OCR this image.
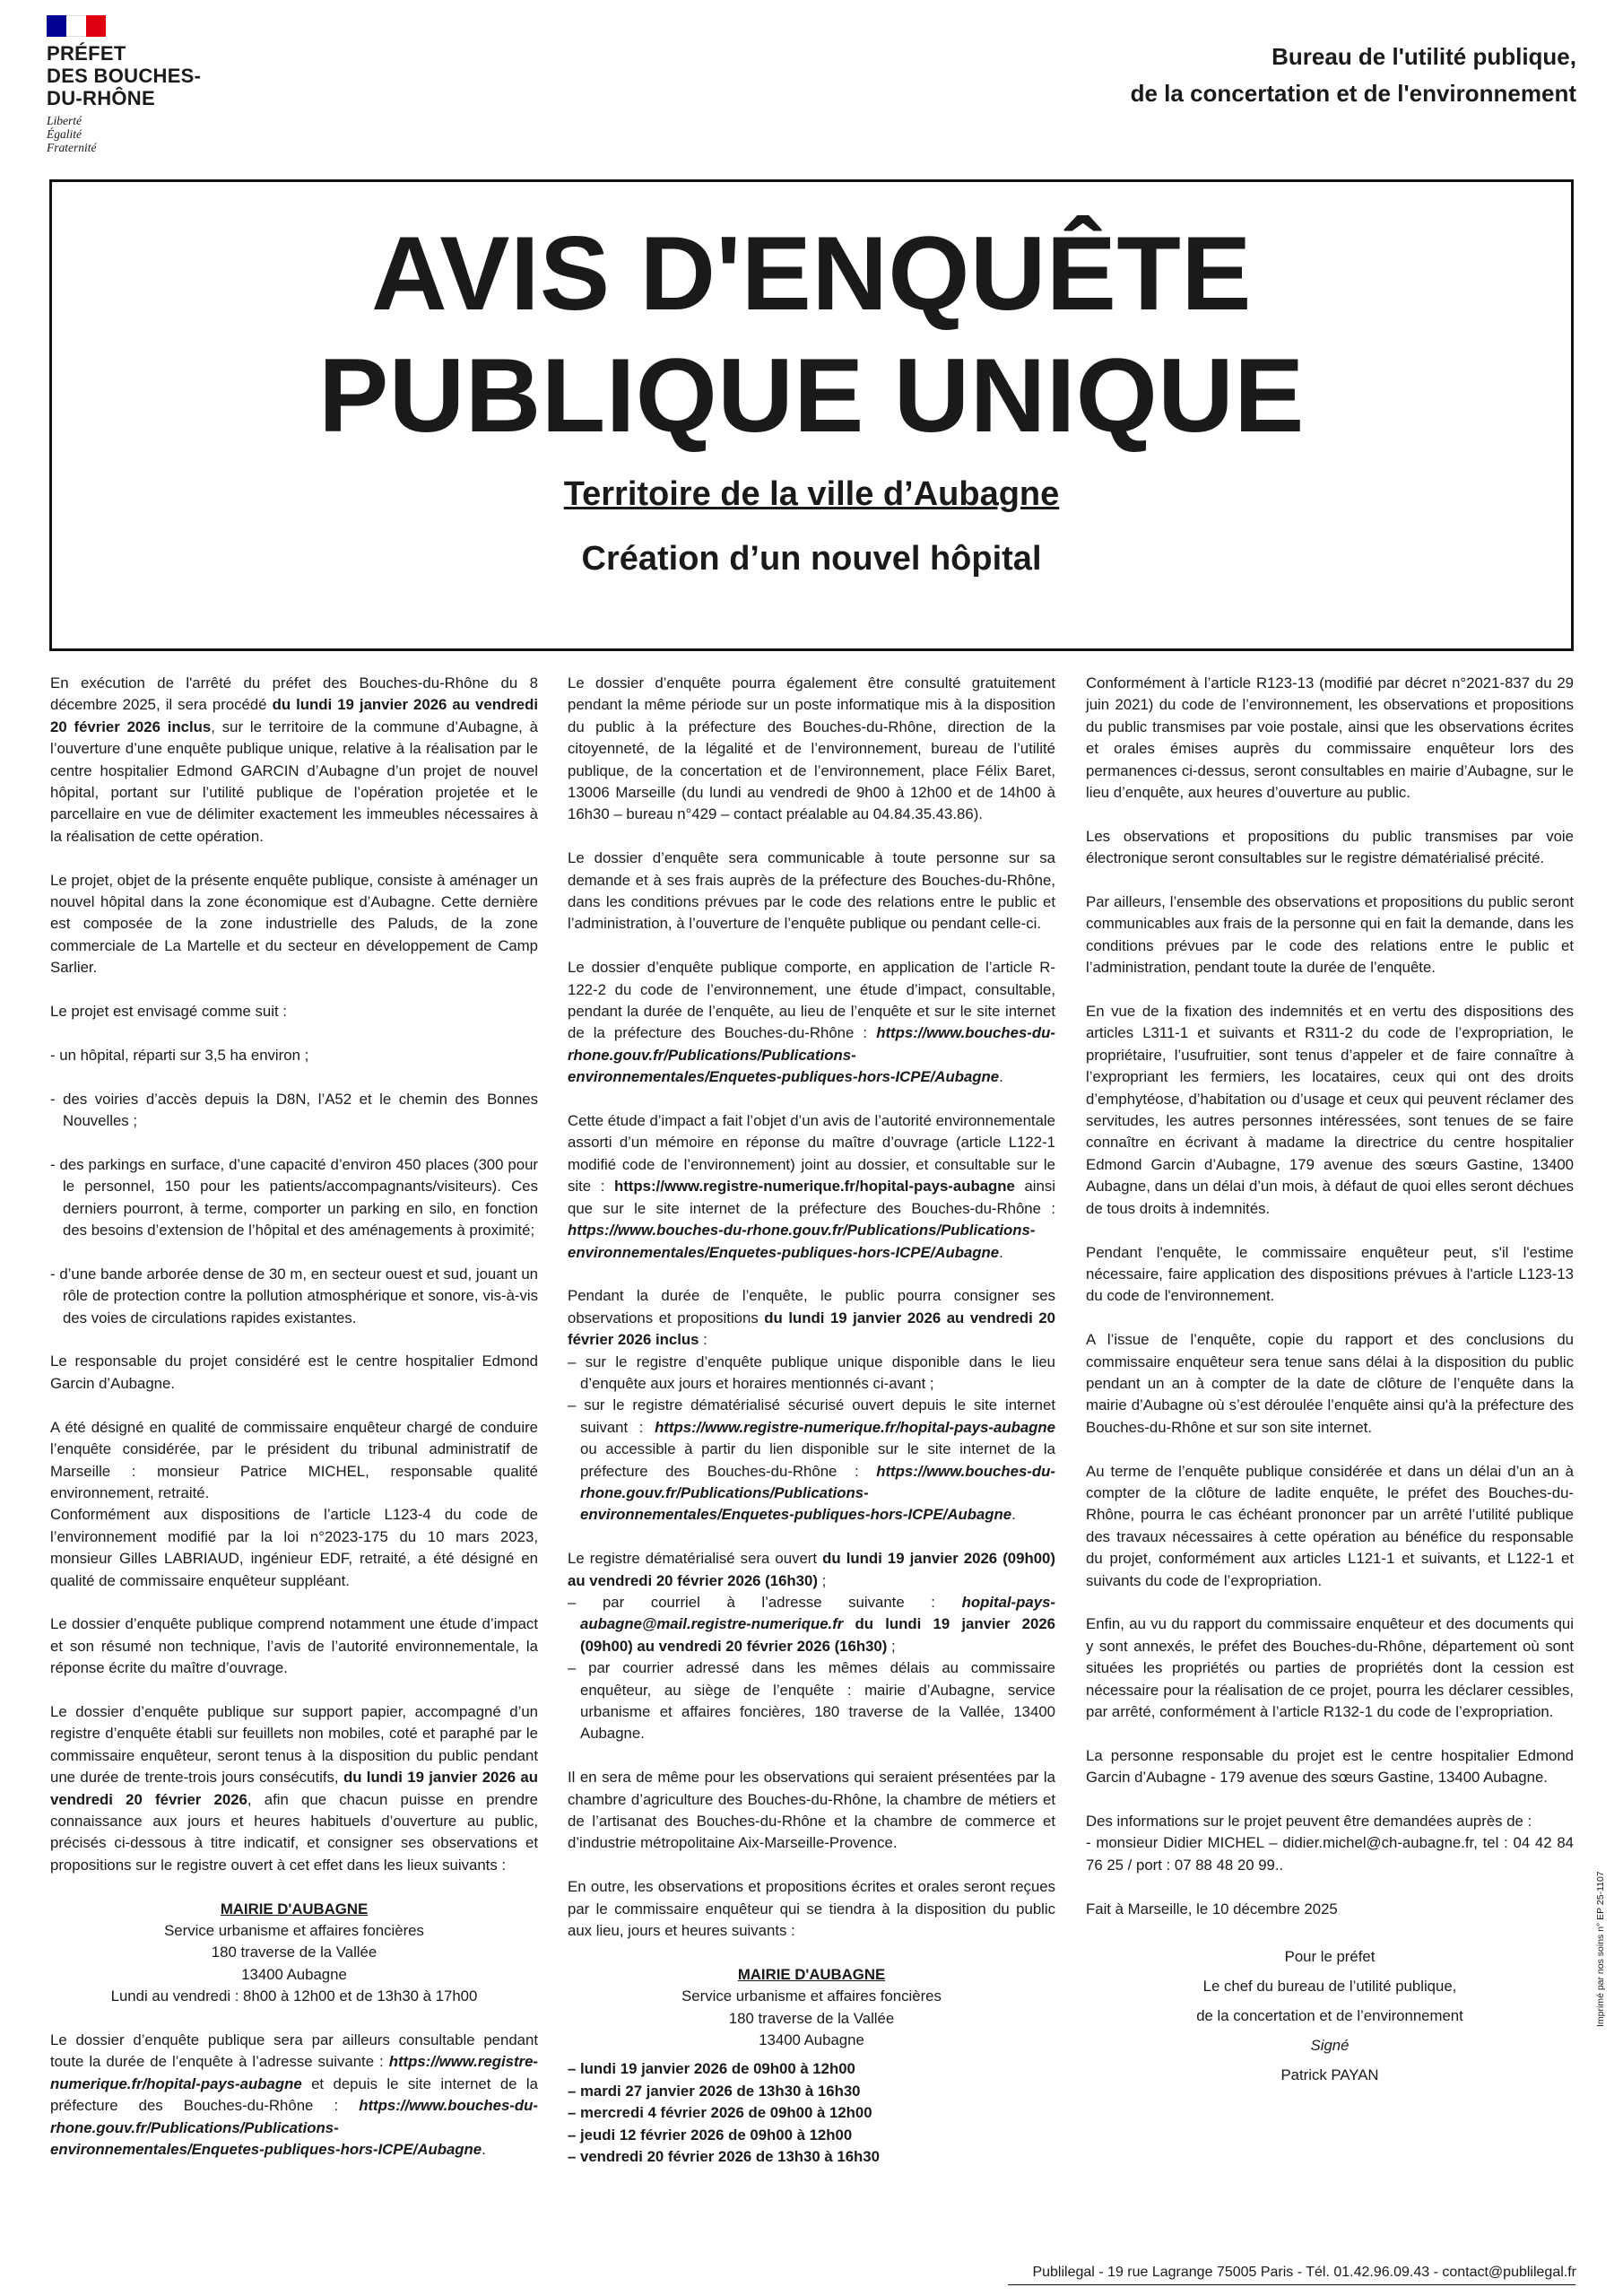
PRÉFET
DES BOUCHES-
DU-RHÔNE
Liberté
Égalité
Fraternité
Bureau de l'utilité publique,
de la concertation et de l'environnement
AVIS D'ENQUÊTE
PUBLIQUE UNIQUE
Territoire de la ville d’Aubagne
Création d’un nouvel hôpital

En exécution de l'arrêté du préfet des Bouches-du-Rhône du 8 décembre 2025, il sera procédé du lundi 19 janvier 2026 au vendredi 20 février 2026 inclus, sur le territoire de la commune d’Aubagne, à l’ouverture d’une enquête publique unique, relative à la réalisation par le centre hospitalier Edmond GARCIN d’Aubagne d’un projet de nouvel hôpital, portant sur l’utilité publique de l’opération projetée et le parcellaire en vue de délimiter exactement les immeubles nécessaires à la réalisation de cette opération.

Le projet, objet de la présente enquête publique, consiste à aménager un nouvel hôpital dans la zone économique est d’Aubagne. Cette dernière est composée de la zone industrielle des Paluds, de la zone commerciale de La Martelle et du secteur en développement de Camp Sarlier.

Le projet est envisagé comme suit :

- un hôpital, réparti sur 3,5 ha environ ;

- des voiries d’accès depuis la D8N, l’A52 et le chemin des Bonnes Nouvelles ;

- des parkings en surface, d’une capacité d’environ 450 places (300 pour le personnel, 150 pour les patients/accompagnants/visiteurs). Ces derniers pourront, à terme, comporter un parking en silo, en fonction des besoins d’extension de l’hôpital et des aménagements à proximité;

- d’une bande arborée dense de 30 m, en secteur ouest et sud, jouant un rôle de protection contre la pollution atmosphérique et sonore, vis-à-vis des voies de circulations rapides existantes.

Le responsable du projet considéré est le centre hospitalier Edmond Garcin d’Aubagne.

A été désigné en qualité de commissaire enquêteur chargé de conduire l’enquête considérée, par le président du tribunal administratif de Marseille : monsieur Patrice MICHEL, responsable qualité environnement, retraité.

Conformément aux dispositions de l’article L123-4 du code de l’environnement modifié par la loi n°2023-175 du 10 mars 2023, monsieur Gilles LABRIAUD, ingénieur EDF, retraité, a été désigné en qualité de commissaire enquêteur suppléant.

Le dossier d’enquête publique comprend notamment une étude d’impact et son résumé non technique, l’avis de l’autorité environnementale, la réponse écrite du maître d’ouvrage.

Le dossier d’enquête publique sur support papier, accompagné d’un registre d’enquête établi sur feuillets non mobiles, coté et paraphé par le commissaire enquêteur, seront tenus à la disposition du public pendant une durée de trente-trois jours consécutifs, du lundi 19 janvier 2026 au vendredi 20 février 2026, afin que chacun puisse en prendre connaissance aux jours et heures habituels d’ouverture au public, précisés ci-dessous à titre indicatif, et consigner ses observations et propositions sur le registre ouvert à cet effet dans les lieux suivants :

MAIRIE D'AUBAGNE
Service urbanisme et affaires foncières
180 traverse de la Vallée
13400 Aubagne
Lundi au vendredi : 8h00 à 12h00 et de 13h30 à 17h00

Le dossier d’enquête publique sera par ailleurs consultable pendant toute la durée de l’enquête à l’adresse suivante : https://www.registre-numerique.fr/hopital-pays-aubagne et depuis le site internet de la préfecture des Bouches-du-Rhône : https://www.bouches-du-rhone.gouv.fr/Publications/Publications-environnementales/Enquetes-publiques-hors-ICPE/Aubagne.

Le dossier d’enquête pourra également être consulté gratuitement pendant la même période sur un poste informatique mis à la disposition du public à la préfecture des Bouches-du-Rhône, direction de la citoyenneté, de la légalité et de l’environnement, bureau de l’utilité publique, de la concertation et de l’environnement, place Félix Baret, 13006 Marseille (du lundi au vendredi de 9h00 à 12h00 et de 14h00 à 16h30 – bureau n°429 – contact préalable au 04.84.35.43.86).

Le dossier d’enquête sera communicable à toute personne sur sa demande et à ses frais auprès de la préfecture des Bouches-du-Rhône, dans les conditions prévues par le code des relations entre le public et l’administration, à l’ouverture de l’enquête publique ou pendant celle-ci.

Le dossier d’enquête publique comporte, en application de l’article R-122-2 du code de l’environnement, une étude d’impact, consultable, pendant la durée de l’enquête, au lieu de l’enquête et sur le site internet de la préfecture des Bouches-du-Rhône : https://www.bouches-du-rhone.gouv.fr/Publications/Publications-environnementales/Enquetes-publiques-hors-ICPE/Aubagne.

Cette étude d’impact a fait l’objet d’un avis de l’autorité environnementale assorti d’un mémoire en réponse du maître d’ouvrage (article L122-1 modifié code de l’environnement) joint au dossier, et consultable sur le site : https://www.registre-numerique.fr/hopital-pays-aubagne ainsi que sur le site internet de la préfecture des Bouches-du-Rhône : https://www.bouches-du-rhone.gouv.fr/Publications/Publications-environnementales/Enquetes-publiques-hors-ICPE/Aubagne.

Pendant la durée de l’enquête, le public pourra consigner ses observations et propositions du lundi 19 janvier 2026 au vendredi 20 février 2026 inclus :

– sur le registre d’enquête publique unique disponible dans le lieu d’enquête aux jours et horaires mentionnés ci-avant ;

– sur le registre dématérialisé sécurisé ouvert depuis le site internet suivant : https://www.registre-numerique.fr/hopital-pays-aubagne ou accessible à partir du lien disponible sur le site internet de la préfecture des Bouches-du-Rhône : https://www.bouches-du-rhone.gouv.fr/Publications/Publications-environnementales/Enquetes-publiques-hors-ICPE/Aubagne.

Le registre dématérialisé sera ouvert du lundi 19 janvier 2026 (09h00) au vendredi 20 février 2026 (16h30) ;

– par courriel à l’adresse suivante : hopital-pays-aubagne@mail.registre-numerique.fr du lundi 19 janvier 2026 (09h00) au vendredi 20 février 2026 (16h30) ;

– par courrier adressé dans les mêmes délais au commissaire enquêteur, au siège de l’enquête : mairie d’Aubagne, service urbanisme et affaires foncières, 180 traverse de la Vallée, 13400 Aubagne.

Il en sera de même pour les observations qui seraient présentées par la chambre d’agriculture des Bouches-du-Rhône, la chambre de métiers et de l’artisanat des Bouches-du-Rhône et la chambre de commerce et d’industrie métropolitaine Aix-Marseille-Provence.

En outre, les observations et propositions écrites et orales seront reçues par le commissaire enquêteur qui se tiendra à la disposition du public aux lieu, jours et heures suivants :

MAIRIE D'AUBAGNE
Service urbanisme et affaires foncières
180 traverse de la Vallée
13400 Aubagne
– lundi 19 janvier 2026 de 09h00 à 12h00
– mardi 27 janvier 2026 de 13h30 à 16h30
– mercredi 4 février 2026 de 09h00 à 12h00
– jeudi 12 février 2026 de 09h00 à 12h00
– vendredi 20 février 2026 de 13h30 à 16h30

Conformément à l’article R123-13 (modifié par décret n°2021-837 du 29 juin 2021) du code de l’environnement, les observations et propositions du public transmises par voie postale, ainsi que les observations écrites et orales émises auprès du commissaire enquêteur lors des permanences ci-dessus, seront consultables en mairie d’Aubagne, sur le lieu d’enquête, aux heures d’ouverture au public.

Les observations et propositions du public transmises par voie électronique seront consultables sur le registre dématérialisé précité.

Par ailleurs, l’ensemble des observations et propositions du public seront communicables aux frais de la personne qui en fait la demande, dans les conditions prévues par le code des relations entre le public et l’administration, pendant toute la durée de l’enquête.

En vue de la fixation des indemnités et en vertu des dispositions des articles L311-1 et suivants et R311-2 du code de l’expropriation, le propriétaire, l’usufruitier, sont tenus d’appeler et de faire connaître à l’expropriant les fermiers, les locataires, ceux qui ont des droits d’emphytéose, d’habitation ou d’usage et ceux qui peuvent réclamer des servitudes, les autres personnes intéressées, sont tenues de se faire connaître en écrivant à madame la directrice du centre hospitalier Edmond Garcin d’Aubagne, 179 avenue des sœurs Gastine, 13400 Aubagne, dans un délai d’un mois, à défaut de quoi elles seront déchues de tous droits à indemnités.

Pendant l'enquête, le commissaire enquêteur peut, s'il l'estime nécessaire, faire application des dispositions prévues à l'article L123-13 du code de l'environnement.

A l’issue de l’enquête, copie du rapport et des conclusions du commissaire enquêteur sera tenue sans délai à la disposition du public pendant un an à compter de la date de clôture de l’enquête dans la mairie d’Aubagne où s’est déroulée l’enquête ainsi qu'à la préfecture des Bouches-du-Rhône et sur son site internet.

Au terme de l’enquête publique considérée et dans un délai d’un an à compter de la clôture de ladite enquête, le préfet des Bouches-du-Rhône, pourra le cas échéant prononcer par un arrêté l’utilité publique des travaux nécessaires à cette opération au bénéfice du responsable du projet, conformément aux articles L121-1 et suivants, et L122-1 et suivants du code de l’expropriation.

Enfin, au vu du rapport du commissaire enquêteur et des documents qui y sont annexés, le préfet des Bouches-du-Rhône, département où sont situées les propriétés ou parties de propriétés dont la cession est nécessaire pour la réalisation de ce projet, pourra les déclarer cessibles, par arrêté, conformément à l’article R132-1 du code de l’expropriation.

La personne responsable du projet est le centre hospitalier Edmond Garcin d’Aubagne - 179 avenue des sœurs Gastine, 13400 Aubagne.

Des informations sur le projet peuvent être demandées auprès de :

- monsieur Didier MICHEL – didier.michel@ch-aubagne.fr, tel : 04 42 84 76 25 / port : 07 88 48 20 99..

Fait à Marseille, le 10 décembre 2025

Pour le préfet
Le chef du bureau de l’utilité publique,
de la concertation et de l’environnement
Signé
Patrick PAYAN
Imprimé par nos soins n° EP 25-1107
Publilegal - 19 rue Lagrange 75005 Paris - Tél. 01.42.96.09.43 - contact@publilegal.fr
